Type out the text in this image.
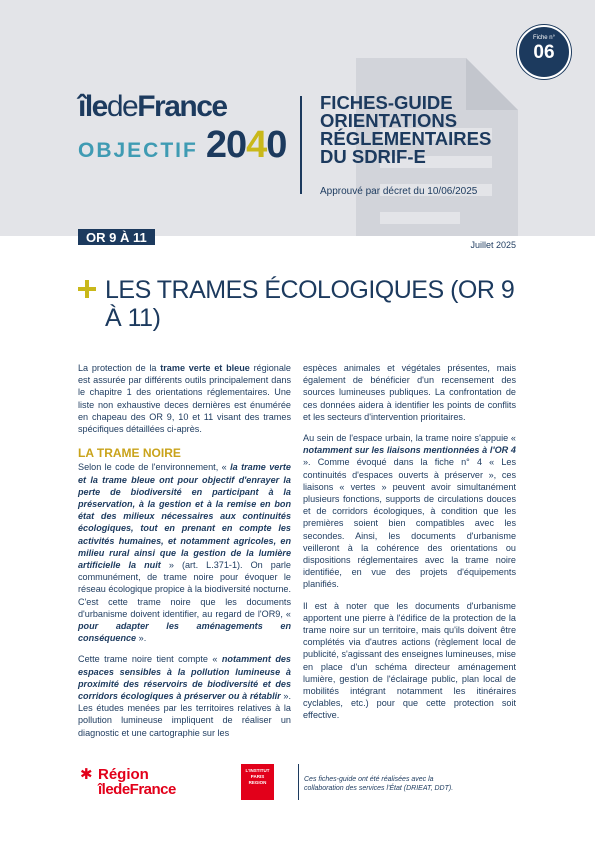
îledeFrance
OBJECTIF 2040
FICHES-GUIDE
ORIENTATIONS
RÉGLEMENTAIRES
DU SDRIF-E
Approuvé par décret du 10/06/2025
Fiche n°
06
OR 9 À 11	Juillet 2025
LES TRAMES ÉCOLOGIQUES (OR 9 À 11)

La protection de la trame verte et bleue régionale est assurée par différents outils principalement dans le chapitre 1 des orientations réglementaires. Une liste non exhaustive deces dernières est énumérée en chapeau des OR 9, 10 et 11 visant des trames spécifiques détaillées ci-après.

LA TRAME NOIRE

Selon le code de l'environnement, « la trame verte et la trame bleue ont pour objectif d'enrayer la perte de biodiversité en participant à la préservation, à la gestion et à la remise en bon état des milieux nécessaires aux continuités écologiques, tout en prenant en compte les activités humaines, et notamment agricoles, en milieu rural ainsi que la gestion de la lumière artificielle la nuit » (art. L.371-1). On parle communément, de trame noire pour évoquer le réseau écologique propice à la biodiversité nocturne. C'est cette trame noire que les documents d'urbanisme doivent identifier, au regard de l'OR9, « pour adapter les aménagements en conséquence ».

Cette trame noire tient compte « notamment des espaces sensibles à la pollution lumineuse à proximité des réservoirs de biodiversité et des corridors écologiques à préserver ou à rétablir ». Les études menées par les territoires relatives à la pollution lumineuse impliquent de réaliser un diagnostic et une cartographie sur les

espèces animales et végétales présentes, mais également de bénéficier d'un recensement des sources lumineuses publiques. La confrontation de ces données aidera à identifier les points de conflits et les secteurs d'intervention prioritaires.

Au sein de l'espace urbain, la trame noire s'appuie « notamment sur les liaisons mentionnées à l'OR 4 ». Comme évoqué dans la fiche n° 4 « Les continuités d'espaces ouverts à préserver », ces liaisons « vertes » peuvent avoir simultanément plusieurs fonctions, supports de circulations douces et de corridors écologiques, à condition que les premières soient bien compatibles avec les secondes. Ainsi, les documents d'urbanisme veilleront à la cohérence des orientations ou dispositions réglementaires avec la trame noire identifiée, en vue des projets d'équipements planifiés.

Il est à noter que les documents d'urbanisme apportent une pierre à l'édifice de la protection de la trame noire sur un territoire, mais qu'ils doivent être complétés via d'autres actions (règlement local de publicité, s'agissant des enseignes lumineuses, mise en place d'un schéma directeur aménagement lumière, gestion de l'éclairage public, plan local de mobilités intégrant notamment les itinéraires cyclables, etc.) pour que cette protection soit effective.

✱ Région
îledeFrance
L'INSTITUT
PARIS
REGION	Ces fiches-guide ont été réalisées avec la collaboration des services l'État (DRIEAT, DDT).
